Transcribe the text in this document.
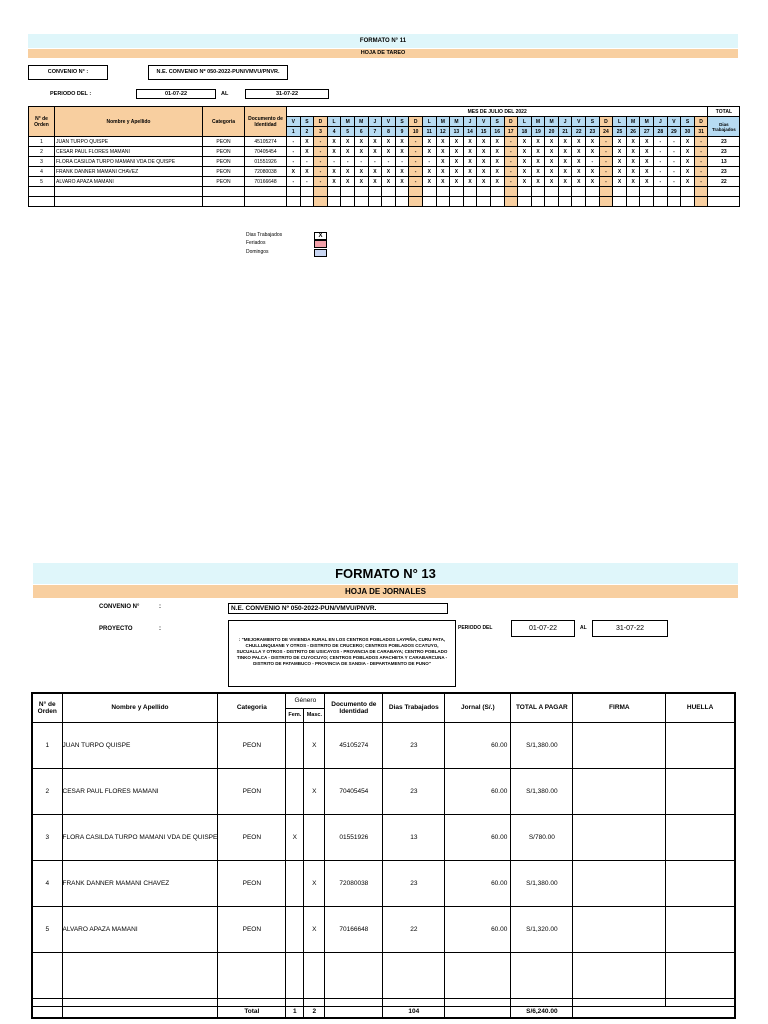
FORMATO N° 11
HOJA DE TAREO
CONVENIO N° :	N.E. CONVENIO Nº 050-2022-PUN/VMVU/PNVR.
PERIODO DEL :	01-07-22	AL	31-07-22
N° de Orden	Nombre y Apellido	Categoria	Documento de Identidad	MES DE JULIO DEL 2022																															TOTAL
				V	S	D	L	M	M	J	V	S	D	L	M	M	J	V	S	D	L	M	M	J	V	S	D	L	M	M	J	V	S	D	Dias Trabajados
				1	2	3	4	5	6	7	8	9	10	11	12	13	14	15	16	17	18	19	20	21	22	23	24	25	26	27	28	29	30	31	
1	JUAN TURPO QUISPE	PEON	45105274	-	X	-	X	X	X	X	X	X	-	X	X	X	X	X	X	-	X	X	X	X	X	X	-	X	X	X	-	-	X	-	23
2	CESAR PAUL FLORES MAMANI	PEON	70405454	-	X	-	X	X	X	X	X	X	-	X	X	X	X	X	X	-	X	X	X	X	X	X	-	X	X	X	-	-	X	-	23
3	FLORA CASILDA TURPO MAMANI VDA DE QUISPE	PEON	01551926	-	-	-	-	-	-	-	-	-	-	-	X	X	X	X	X	-	X	X	X	X	X	-	-	X	X	X	-	-	X	-	13
4	FRANK DANNER MAMANI CHAVEZ	PEON	72080038	X	X	-	X	X	X	X	X	X	-	X	X	X	X	X	X	-	X	X	X	X	X	X	-	X	X	X	-	-	X	-	23
5	ALVARO APAZA MAMANI	PEON	70166648	-	-	-	X	X	X	X	X	X	-	X	X	X	X	X	X	-	X	X	X	X	X	X	-	X	X	X	-	-	X	-	22

Dias Trabajados
Feriados
Domingos
X
FORMATO N° 13
HOJA DE JORNALES
CONVENIO N°	:	N.E. CONVENIO Nº 050-2022-PUN/VMVU/PNVR.
PROYECTO	:
: "MEJORAMIENTO DE VIVIENDA RURAL EN LOS CENTROS POBLADOS LAYPIÑA, CURU PATA, CHULLUNQUIANE Y OTROS - DISTRITO DE CRUCERO; CENTROS POBLADOS CCATUYO, SUCUALLA Y OTROS - DISTRITO DE USICAYOS - PROVINCIA DE CARABAYA; CENTRO POBLADO TINKO PALCA - DISTRITO DE CUYOCUYO; CENTROS POBLADOS APACHETA Y CARABARCUNA - DISTRITO DE PATAMBUCO - PROVINCIA DE SANDIA - DEPARTAMENTO DE PUNO"
PERIODO DEL	01-07-22	AL	31-07-22
N° de Orden	Nombre y Apellido	Categoria	Género		Documento de Identidad	Dias Trabajados	Jornal (S/.)	TOTAL A PAGAR	FIRMA	HUELLA
			Fem.	Masc.						
1	JUAN TURPO QUISPE	PEON		X	45105274	23	60.00	S/1,380.00		
2	CESAR PAUL FLORES MAMANI	PEON		X	70405454	23	60.00	S/1,380.00		
3	FLORA CASILDA TURPO MAMANI VDA DE QUISPE	PEON	X		01551926	13	60.00	S/780.00		
4	FRANK DANNER MAMANI CHAVEZ	PEON		X	72080038	23	60.00	S/1,380.00		
5	ALVARO APAZA MAMANI	PEON		X	70166648	22	60.00	S/1,320.00		

		Total	1	2		104		S/6,240.00		
